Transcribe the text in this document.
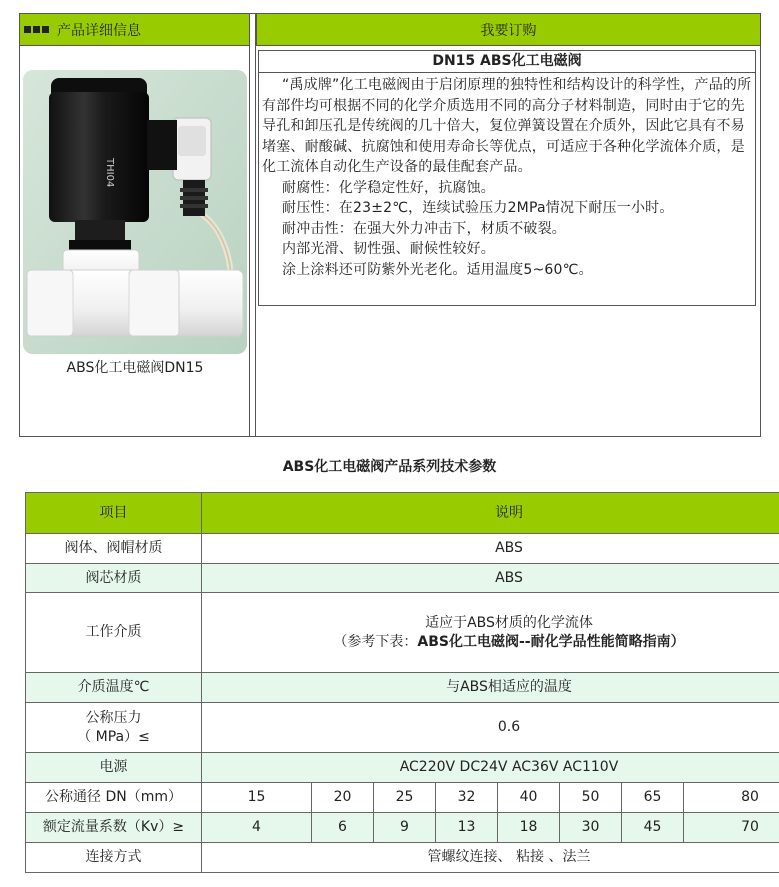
产品详细信息	我要订购
THI04
ABS化工电磁阀DN15
DN15 ABS化工电磁阀

“禹成牌”化工电磁阀由于启闭原理的独特性和结构设计的科学性，产品的所有部件均可根据不同的化学介质选用不同的高分子材料制造，同时由于它的先导孔和卸压孔是传统阀的几十倍大，复位弹簧设置在介质外，因此它具有不易堵塞、耐酸碱、抗腐蚀和使用寿命长等优点，可适应于各种化学流体介质，是化工流体自动化生产设备的最佳配套产品。

耐腐性：化学稳定性好，抗腐蚀。

耐压性：在23±2℃，连续试验压力2MPa情况下耐压一小时。

耐冲击性：在强大外力冲击下，材质不破裂。

内部光滑、韧性强、耐候性较好。

涂上涂料还可防紫外光老化。适用温度5~60℃。

ABS化工电磁阀产品系列技术参数
项目	说明							
阀体、阀帽材质	ABS							
阀芯材质	ABS							
工作介质	适应于ABS材质的化学流体
（参考下表：ABS化工电磁阀--耐化学品性能简略指南）							

介质温度℃	与ABS相适应的温度							

公称压力
（ MPa）≤	0.6							
电源	AC220V DC24V AC36V AC110V							
公称通径 DN（mm）	15	20	25	32	40	50	65	80
额定流量系数（Kv）≥	4	6	9	13	18	30	45	70
连接方式	管螺纹连接、 粘接 、法兰							
